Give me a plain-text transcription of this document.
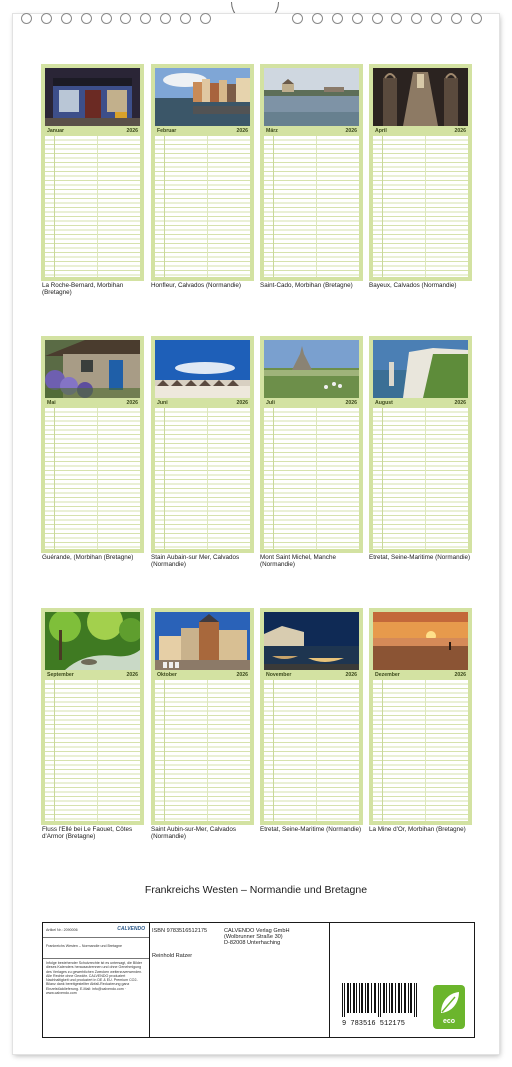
Januar	2026
La Roche-Bernard, Morbihan (Bretagne)
Februar	2026
Honfleur, Calvados (Normandie)
März	2026
Saint-Cado, Morbihan (Bretagne)
April	2026
Bayeux, Calvados (Normandie)
Mai	2026
Guérande, (Morbihan (Bretagne)
Juni	2026
Stain Aubain-sur Mer, Calvados (Normandie)
Juli	2026
Mont Saint Michel, Manche (Normandie)
August	2026
Etretat, Seine-Maritime (Normandie)
September	2026
Fluss l'Ellé bei Le Faouet, Côtes d'Armor (Bretagne)
Oktober	2026
Saint Aubin-sur-Mer, Calvados (Normandie)
November	2026
Etretat, Seine-Maritime (Normandie)
Dezember	2026
La Mine d'Or, Morbihan (Bretagne)
Frankreichs Westen – Normandie und Bretagne
Artikel Nr.: 2090006	CALVENDO
Frankreichs Westen – Normandie und Bretagne
Infolge bestehender Schutzrechte ist es untersagt, die Bilder dieses Kalenders herauszutrennen und ohne Genehmigung des Verlages zu gewerblichen Zwecken weiterzuverwenden. Alle Rechte ohne Gewähr. CALVENDO produziert Nachhaltigkeit und produziert in DE & EU. Premium CO2-Bilanz dank bereitgestellter Abfall-Reduzierung ganz Einzelstücklieferung. E-Mail: info@calvendo.com · www.calvendo.com
ISBN 9783516512175
Reinhold Ratzer
CALVENDO Verlag GmbH
(Wolbrunner Straße 30)
D-82008 Unterhaching
9 783516 512175	eco
